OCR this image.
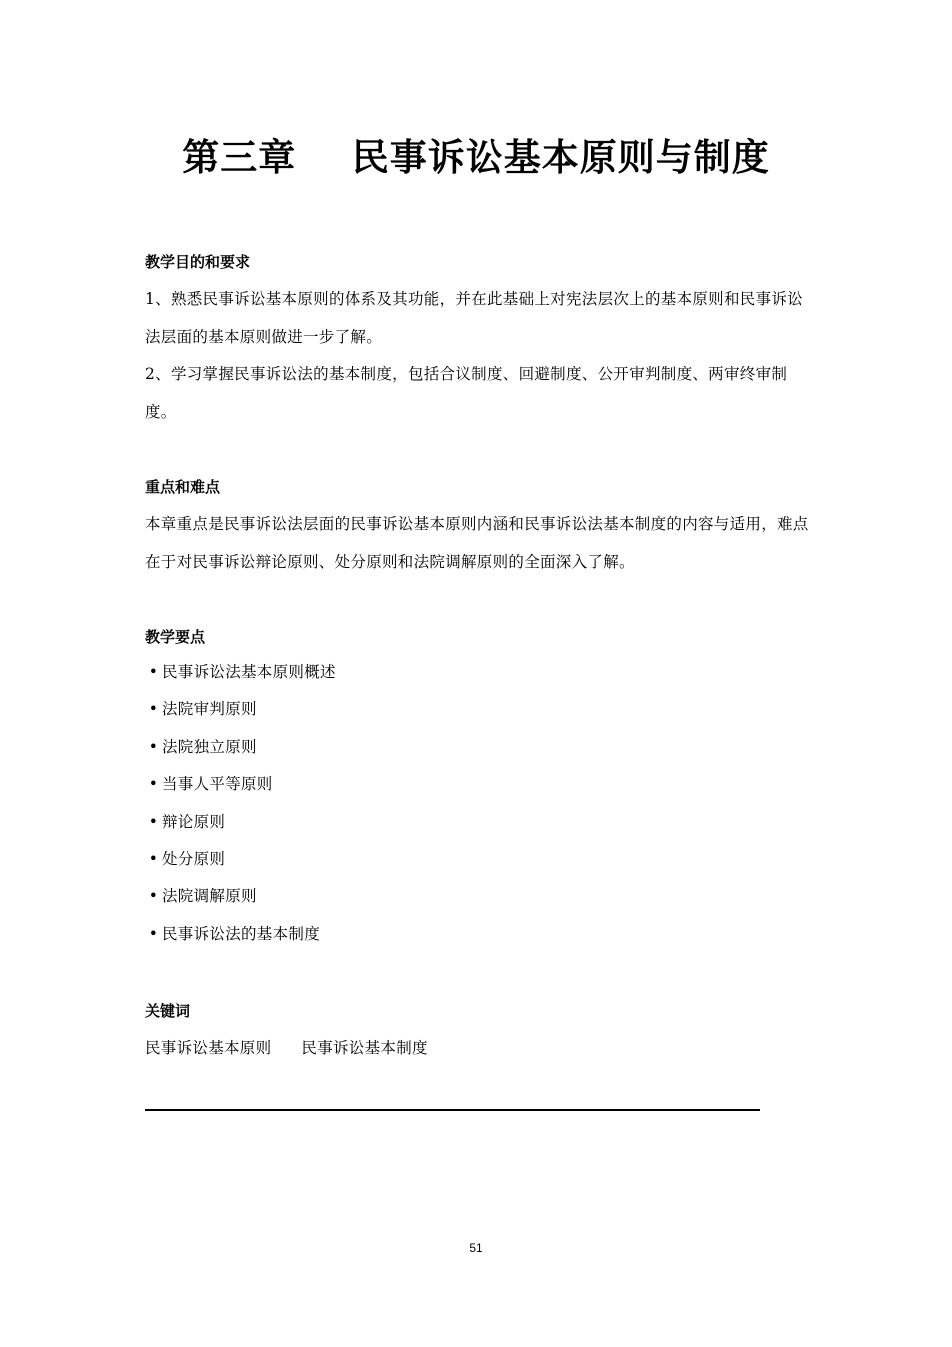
第三章    民事诉讼基本原则与制度
教学目的和要求

1、熟悉民事诉讼基本原则的体系及其功能，并在此基础上对宪法层次上的基本原则和民事诉讼法层面的基本原则做进一步了解。

2、学习掌握民事诉讼法的基本制度，包括合议制度、回避制度、公开审判制度、两审终审制度。

重点和难点

本章重点是民事诉讼法层面的民事诉讼基本原则内涵和民事诉讼法基本制度的内容与适用，难点在于对民事诉讼辩论原则、处分原则和法院调解原则的全面深入了解。

教学要点
• 民事诉讼法基本原则概述
• 法院审判原则
• 法院独立原则
• 当事人平等原则
• 辩论原则
• 处分原则
• 法院调解原则
• 民事诉讼法的基本制度
关键词
民事诉讼基本原则 民事诉讼基本制度
51
